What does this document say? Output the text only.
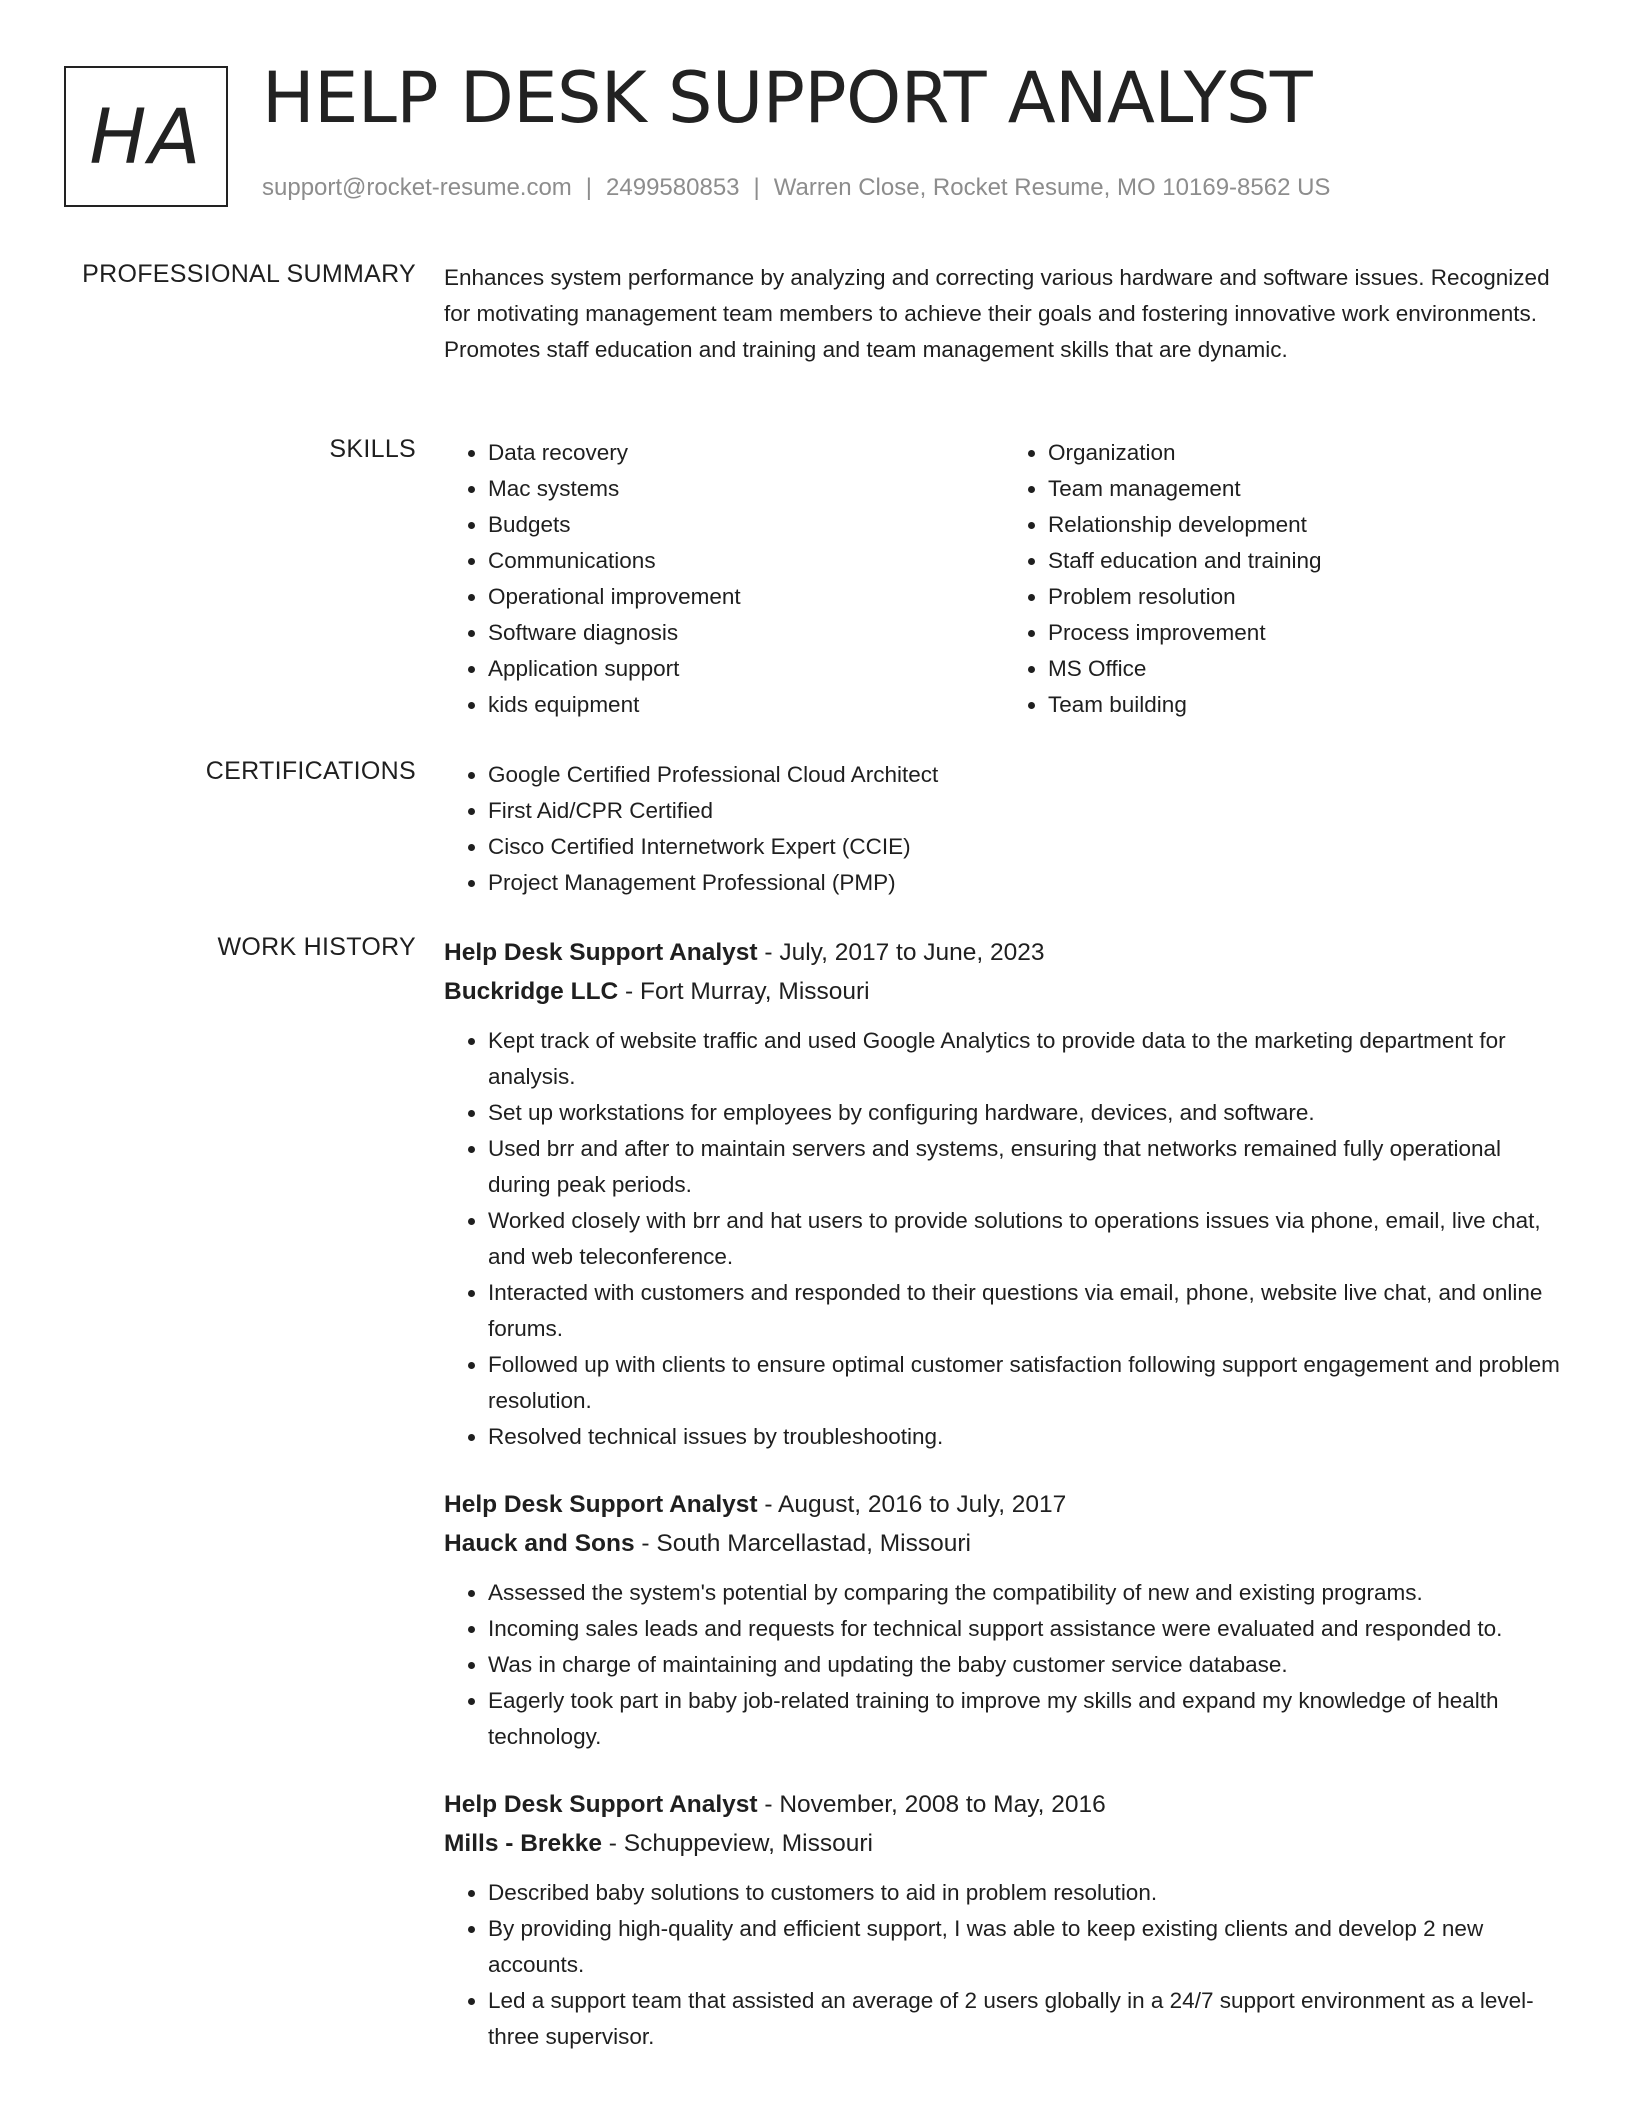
HA HELP DESK SUPPORT ANALYST
support@rocket-resume.com | 2499580853 | Warren Close, Rocket Resume, MO 10169-8562 US
PROFESSIONAL SUMMARY Enhances system performance by analyzing and correcting various hardware and software issues. Recognized for motivating management team members to achieve their goals and fostering innovative work environments. Promotes staff education and training and team management skills that are dynamic.

SKILLS	• Data recovery
• Mac systems
• Budgets
• Communications
• Operational improvement
• Software diagnosis
• Application support
• kids equipment
• Organization
• Team management
• Relationship development
• Staff education and training
• Problem resolution
• Process improvement
• MS Office
• Team building
CERTIFICATIONS	• Google Certified Professional Cloud Architect
• First Aid/CPR Certified
• Cisco Certified Internetwork Expert (CCIE)
• Project Management Professional (PMP)
WORK HISTORY Help Desk Support Analyst - July, 2017 to June, 2023
Buckridge LLC - Fort Murray, Missouri
• Kept track of website traffic and used Google Analytics to provide data to the marketing department for analysis.
• Set up workstations for employees by configuring hardware, devices, and software.
• Used brr and after to maintain servers and systems, ensuring that networks remained fully operational during peak periods.
• Worked closely with brr and hat users to provide solutions to operations issues via phone, email, live chat, and web teleconference.
• Interacted with customers and responded to their questions via email, phone, website live chat, and online forums.
• Followed up with clients to ensure optimal customer satisfaction following support engagement and problem resolution.
• Resolved technical issues by troubleshooting.
Help Desk Support Analyst - August, 2016 to July, 2017
Hauck and Sons - South Marcellastad, Missouri
• Assessed the system's potential by comparing the compatibility of new and existing programs.
• Incoming sales leads and requests for technical support assistance were evaluated and responded to.
• Was in charge of maintaining and updating the baby customer service database.
• Eagerly took part in baby job-related training to improve my skills and expand my knowledge of health technology.
Help Desk Support Analyst - November, 2008 to May, 2016
Mills - Brekke - Schuppeview, Missouri
• Described baby solutions to customers to aid in problem resolution.
• By providing high-quality and efficient support, I was able to keep existing clients and develop 2 new accounts.
• Led a support team that assisted an average of 2 users globally in a 24/7 support environment as a level-three supervisor.
